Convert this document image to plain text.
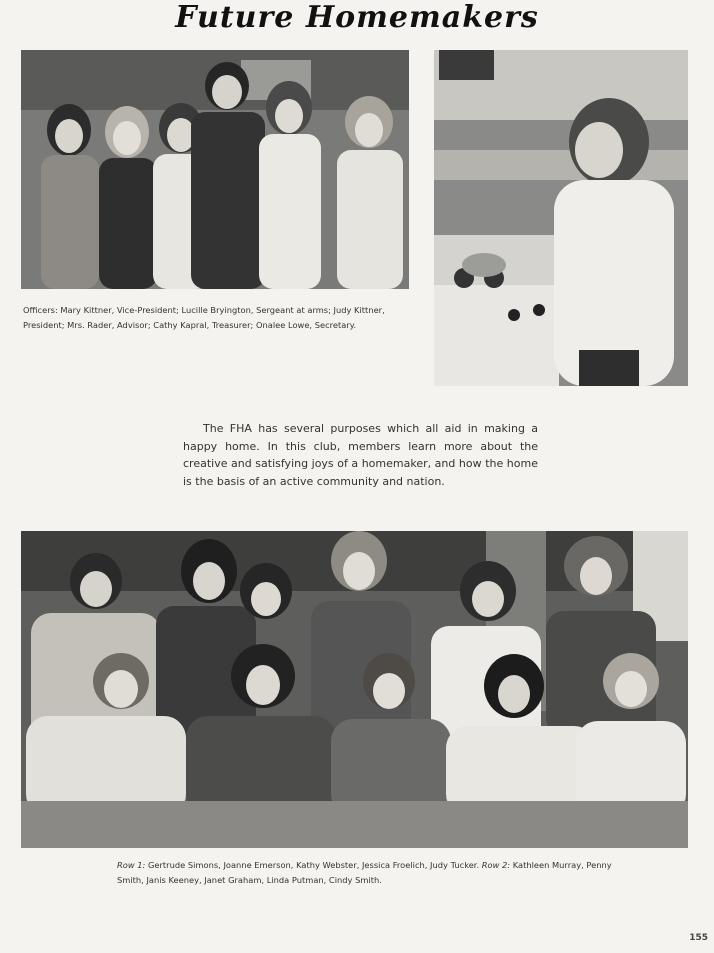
Future Homemakers
Officers: Mary Kittner, Vice-President; Lucille Bryington, Sergeant at arms; Judy Kittner, President; Mrs. Rader, Advisor; Cathy Kapral, Treasurer; Onalee Lowe, Secretary.
The FHA has several purposes which all aid in making a happy home. In this club, members learn more about the creative and satisfying joys of a homemaker, and how the home is the basis of an active community and nation.
Row 1: Gertrude Simons, Joanne Emerson, Kathy Webster, Jessica Froelich, Judy Tucker. Row 2: Kathleen Murray, Penny Smith, Janis Keeney, Janet Graham, Linda Putman, Cindy Smith.
155
